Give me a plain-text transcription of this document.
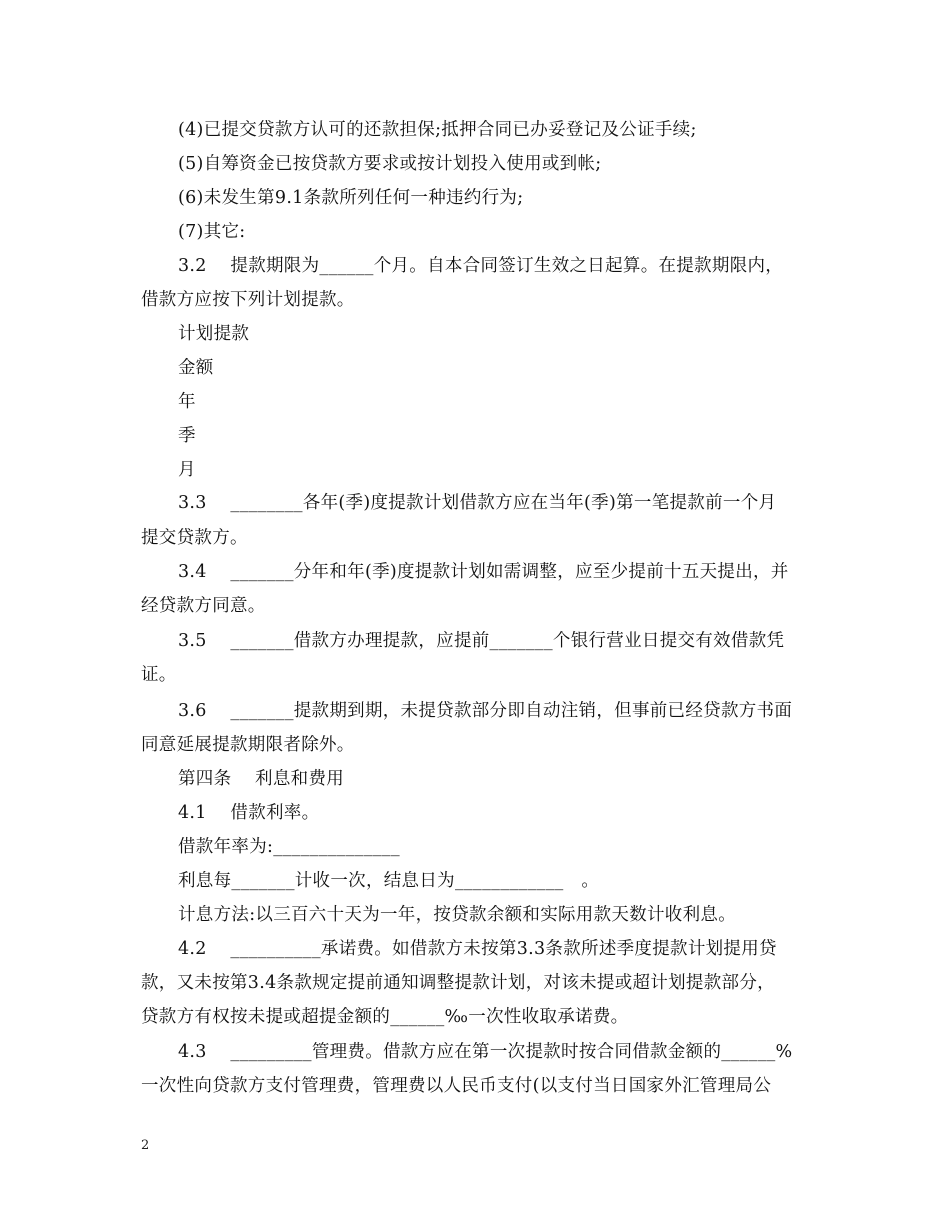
(4)已提交贷款方认可的还款担保;抵押合同已办妥登记及公证手续;
(5)自筹资金已按贷款方要求或按计划投入使用或到帐;
(6)未发生第9.1条款所列任何一种违约行为;
(7)其它:
3.2　 提款期限为______个月。自本合同签订生效之日起算。在提款期限内，
借款方应按下列计划提款。
计划提款
金额
年
季
月
3.3　 ________各年(季)度提款计划借款方应在当年(季)第一笔提款前一个月
提交贷款方。
3.4　 _______分年和年(季)度提款计划如需调整，应至少提前十五天提出，并
经贷款方同意。
3.5　 _______借款方办理提款，应提前_______个银行营业日提交有效借款凭
证。
3.6　 _______提款期到期，未提贷款部分即自动注销，但事前已经贷款方书面
同意延展提款期限者除外。
第四条　 利息和费用
4.1　 借款利率。
借款年率为:______________
利息每_______计收一次，结息日为____________　。
计息方法:以三百六十天为一年，按贷款余额和实际用款天数计收利息。
4.2　 __________承诺费。如借款方未按第3.3条款所述季度提款计划提用贷
款，又未按第3.4条款规定提前通知调整提款计划，对该未提或超计划提款部分，
贷款方有权按未提或超提金额的______‰一次性收取承诺费。
4.3　 _________管理费。借款方应在第一次提款时按合同借款金额的______%
一次性向贷款方支付管理费，管理费以人民币支付(以支付当日国家外汇管理局公
2
